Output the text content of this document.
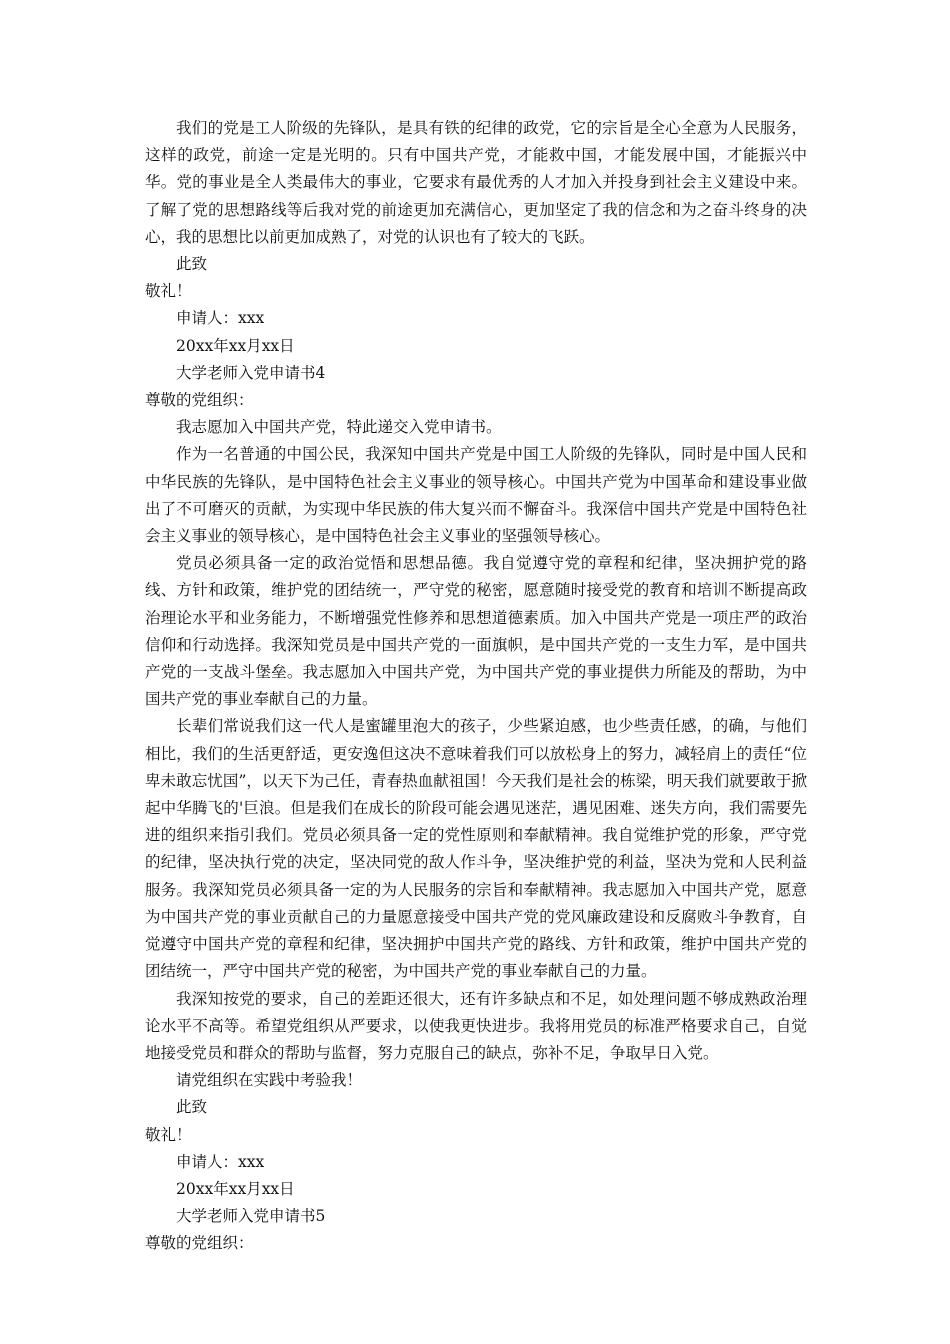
我们的党是工人阶级的先锋队，是具有铁的纪律的政党，它的宗旨是全心全意为人民服务，这样的政党，前途一定是光明的。只有中国共产党，才能救中国，才能发展中国，才能振兴中华。党的事业是全人类最伟大的事业，它要求有最优秀的人才加入并投身到社会主义建设中来。了解了党的思想路线等后我对党的前途更加充满信心，更加坚定了我的信念和为之奋斗终身的决心，我的思想比以前更加成熟了，对党的认识也有了较大的飞跃。

此致

敬礼！

申请人：xxx

20xx年xx月xx日

大学老师入党申请书4

尊敬的党组织：

我志愿加入中国共产党，特此递交入党申请书。

作为一名普通的中国公民，我深知中国共产党是中国工人阶级的先锋队，同时是中国人民和中华民族的先锋队，是中国特色社会主义事业的领导核心。中国共产党为中国革命和建设事业做出了不可磨灭的贡献，为实现中华民族的伟大复兴而不懈奋斗。我深信中国共产党是中国特色社会主义事业的领导核心，是中国特色社会主义事业的坚强领导核心。

党员必须具备一定的政治觉悟和思想品德。我自觉遵守党的章程和纪律，坚决拥护党的路线、方针和政策，维护党的团结统一，严守党的秘密，愿意随时接受党的教育和培训不断提高政治理论水平和业务能力，不断增强党性修养和思想道德素质。加入中国共产党是一项庄严的政治信仰和行动选择。我深知党员是中国共产党的一面旗帜，是中国共产党的一支生力军，是中国共产党的一支战斗堡垒。我志愿加入中国共产党，为中国共产党的事业提供力所能及的帮助，为中国共产党的事业奉献自己的力量。

长辈们常说我们这一代人是蜜罐里泡大的孩子，少些紧迫感，也少些责任感，的确，与他们相比，我们的生活更舒适，更安逸但这决不意味着我们可以放松身上的努力，减轻肩上的责任“位卑未敢忘忧国”，以天下为己任，青春热血献祖国！今天我们是社会的栋梁，明天我们就要敢于掀起中华腾飞的'巨浪。但是我们在成长的阶段可能会遇见迷茫，遇见困难、迷失方向，我们需要先进的组织来指引我们。党员必须具备一定的党性原则和奉献精神。我自觉维护党的形象，严守党的纪律，坚决执行党的决定，坚决同党的敌人作斗争，坚决维护党的利益，坚决为党和人民利益服务。我深知党员必须具备一定的为人民服务的宗旨和奉献精神。我志愿加入中国共产党，愿意为中国共产党的事业贡献自己的力量愿意接受中国共产党的党风廉政建设和反腐败斗争教育，自觉遵守中国共产党的章程和纪律，坚决拥护中国共产党的路线、方针和政策，维护中国共产党的团结统一，严守中国共产党的秘密，为中国共产党的事业奉献自己的力量。

我深知按党的要求，自己的差距还很大，还有许多缺点和不足，如处理问题不够成熟政治理论水平不高等。希望党组织从严要求，以使我更快进步。我将用党员的标准严格要求自己，自觉地接受党员和群众的帮助与监督，努力克服自己的缺点，弥补不足，争取早日入党。

请党组织在实践中考验我！

此致

敬礼！

申请人：xxx

20xx年xx月xx日

大学老师入党申请书5

尊敬的党组织：
